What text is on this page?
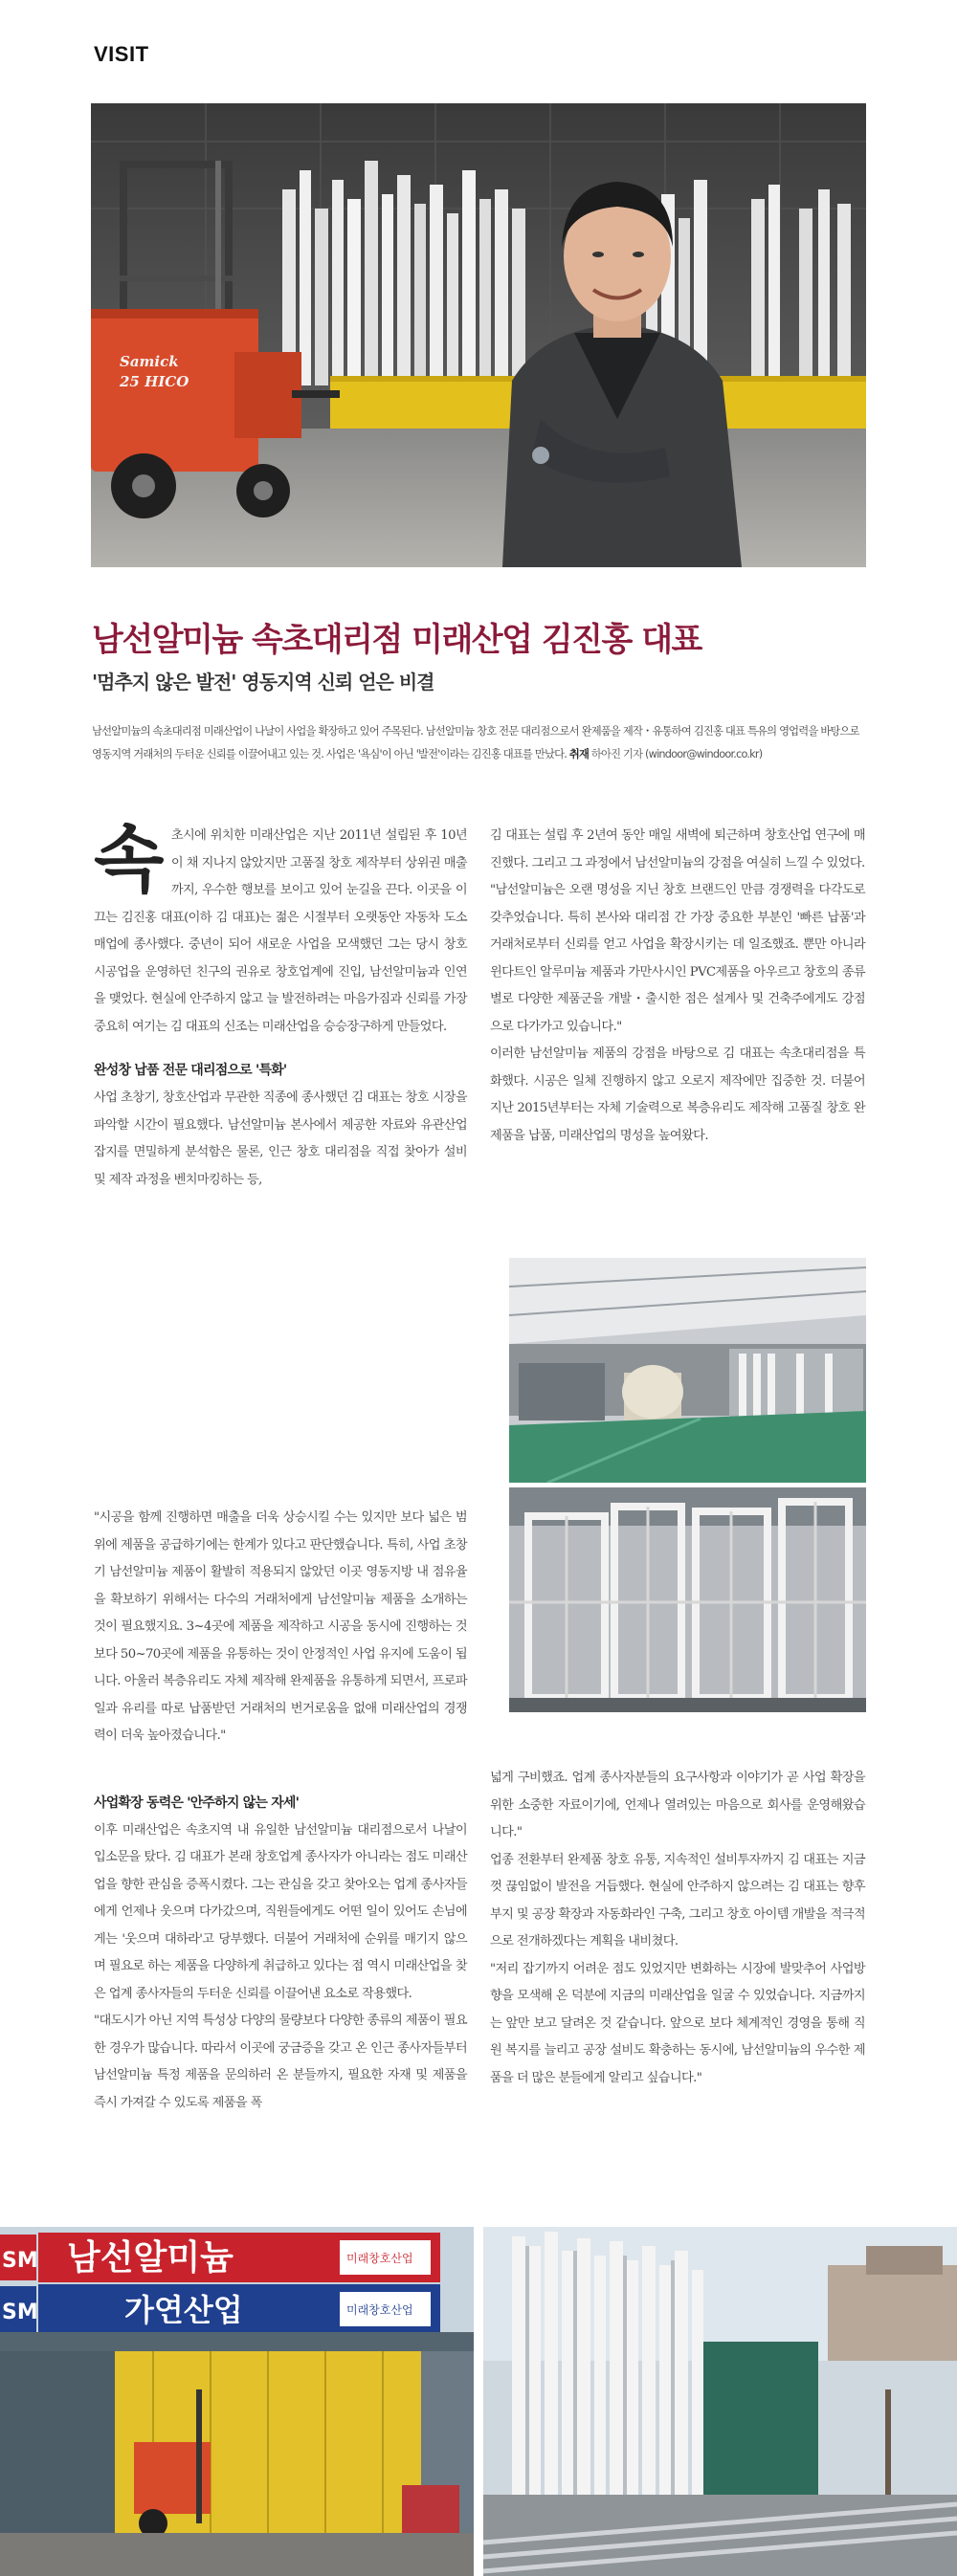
VISIT
Samick
25 HICO
남선알미늄 속초대리점 미래산업 김진홍 대표
'멈추지 않은 발전' 영동지역 신뢰 얻은 비결
남선알미늄의 속초대리점 미래산업이 나날이 사업을 확장하고 있어 주목된다. 남선알미늄 창호 전문 대리점으로서 완제품을 제작・유통하여 김진홍 대표 특유의 영업력을 바탕으로 영동지역 거래처의 두터운 신뢰를 이끌어내고 있는 것. 사업은 '욕심'이 아닌 '발전'이라는 김진홍 대표를 만났다. 취재 하아진 기자 (windoor@windoor.co.kr)

속초시에 위치한 미래산업은 지난 2011년 설립된 후 10년이 채 지나지 않았지만 고품질 창호 제작부터 상위권 매출까지, 우수한 행보를 보이고 있어 눈길을 끈다. 이곳을 이끄는 김진홍 대표(이하 김 대표)는 젊은 시절부터 오랫동안 자동차 도소매업에 종사했다. 중년이 되어 새로운 사업을 모색했던 그는 당시 창호 시공업을 운영하던 친구의 권유로 창호업계에 진입, 남선알미늄과 인연을 맺었다. 현실에 안주하지 않고 늘 발전하려는 마음가짐과 신뢰를 가장 중요히 여기는 김 대표의 신조는 미래산업을 승승장구하게 만들었다.

완성창 납품 전문 대리점으로 '특화'

사업 초창기, 창호산업과 무관한 직종에 종사했던 김 대표는 창호 시장을 파악할 시간이 필요했다. 남선알미늄 본사에서 제공한 자료와 유관산업 잡지를 면밀하게 분석함은 물론, 인근 창호 대리점을 직접 찾아가 설비 및 제작 과정을 벤치마킹하는 등,

김 대표는 설립 후 2년여 동안 매일 새벽에 퇴근하며 창호산업 연구에 매진했다. 그리고 그 과정에서 남선알미늄의 강점을 여실히 느낄 수 있었다.

"남선알미늄은 오랜 명성을 지닌 창호 브랜드인 만큼 경쟁력을 다각도로 갖추었습니다. 특히 본사와 대리점 간 가장 중요한 부분인 '빠른 납품'과 거래처로부터 신뢰를 얻고 사업을 확장시키는 데 일조했죠. 뿐만 아니라 윈다트인 알루미늄 제품과 가만사시인 PVC제품을 아우르고 창호의 종류별로 다양한 제품군을 개발・출시한 점은 설계사 및 건축주에게도 강점으로 다가가고 있습니다."

이러한 남선알미늄 제품의 강점을 바탕으로 김 대표는 속초대리점을 특화했다. 시공은 일체 진행하지 않고 오로지 제작에만 집중한 것. 더불어 지난 2015년부터는 자체 기술력으로 복층유리도 제작해 고품질 창호 완제품을 납품, 미래산업의 명성을 높여왔다.

"시공을 함께 진행하면 매출을 더욱 상승시킬 수는 있지만 보다 넓은 범위에 제품을 공급하기에는 한계가 있다고 판단했습니다. 특히, 사업 초창기 남선알미늄 제품이 활발히 적용되지 않았던 이곳 영동지방 내 점유율을 확보하기 위해서는 다수의 거래처에게 남선알미늄 제품을 소개하는 것이 필요했지요. 3~4곳에 제품을 제작하고 시공을 동시에 진행하는 것보다 50~70곳에 제품을 유통하는 것이 안정적인 사업 유지에 도움이 됩니다. 아울러 복층유리도 자체 제작해 완제품을 유통하게 되면서, 프로파일과 유리를 따로 납품받던 거래처의 번거로움을 없애 미래산업의 경쟁력이 더욱 높아졌습니다."

사업확장 동력은 '안주하지 않는 자세'

이후 미래산업은 속초지역 내 유일한 남선알미늄 대리점으로서 나날이 입소문을 탔다. 김 대표가 본래 창호업계 종사자가 아니라는 점도 미래산업을 향한 관심을 증폭시켰다. 그는 관심을 갖고 찾아오는 업계 종사자들에게 언제나 웃으며 다가갔으며, 직원들에게도 어떤 일이 있어도 손님에게는 '웃으며 대하라'고 당부했다. 더불어 거래처에 순위를 매기지 않으며 필요로 하는 제품을 다양하게 취급하고 있다는 점 역시 미래산업을 찾은 업계 종사자들의 두터운 신뢰를 이끌어낸 요소로 작용했다.

"대도시가 아닌 지역 특성상 다양의 물량보다 다양한 종류의 제품이 필요한 경우가 많습니다. 따라서 이곳에 궁금증을 갖고 온 인근 종사자들부터 남선알미늄 특정 제품을 문의하러 온 분들까지, 필요한 자재 및 제품을 즉시 가져갈 수 있도록 제품을 폭

넓게 구비했죠. 업계 종사자분들의 요구사항과 이야기가 곧 사업 확장을 위한 소중한 자료이기에, 언제나 열려있는 마음으로 회사를 운영해왔습니다."

업종 전환부터 완제품 창호 유통, 지속적인 설비투자까지 김 대표는 지금껏 끊임없이 발전을 거듭했다. 현실에 안주하지 않으려는 김 대표는 향후 부지 및 공장 확장과 자동화라인 구축, 그리고 창호 아이템 개발을 적극적으로 전개하겠다는 계획을 내비쳤다.

"저리 잡기까지 어려운 점도 있었지만 변화하는 시장에 발맞추어 사업방향을 모색해 온 덕분에 지금의 미래산업을 일굴 수 있었습니다. 지금까지는 앞만 보고 달려온 것 같습니다. 앞으로 보다 체계적인 경영을 통해 직원 복지를 늘리고 공장 설비도 확충하는 동시에, 남선알미늄의 우수한 제품을 더 많은 분들에게 알리고 싶습니다."

남선알미늄
가연산업
미래창호산업
미래창호산업
SM
SM
